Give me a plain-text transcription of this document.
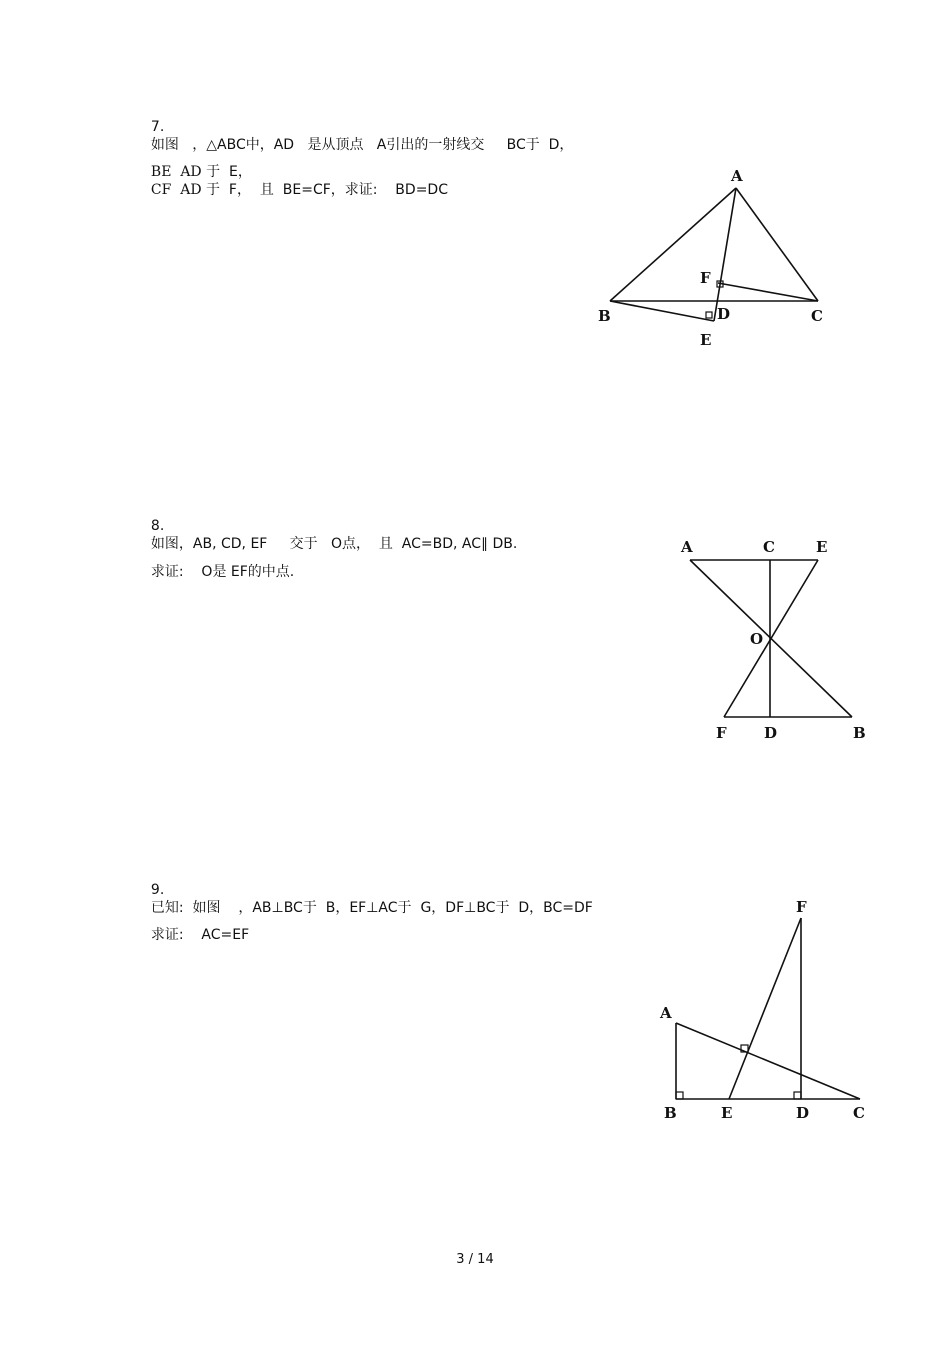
7.
如图   ，△ABC中，AD   是从顶点   A引出的一射线交     BC于  D，

BE  AD 于  E，
CF  AD 于  F，  且  BE=CF，求证:    BD=DC

A
B	C
D
E
F

8.
如图，AB, CD, EF     交于   O点，  且  AC=BD, AC∥ DB.

求证:    O是 EF的中点.

A	C	E
O
F D	B

9.
已知:  如图    ，AB⊥BC于  B，EF⊥AC于  G，DF⊥BC于  D，BC=DF

求证:    AC=EF

F
A
B	E	D	C
3 / 14
